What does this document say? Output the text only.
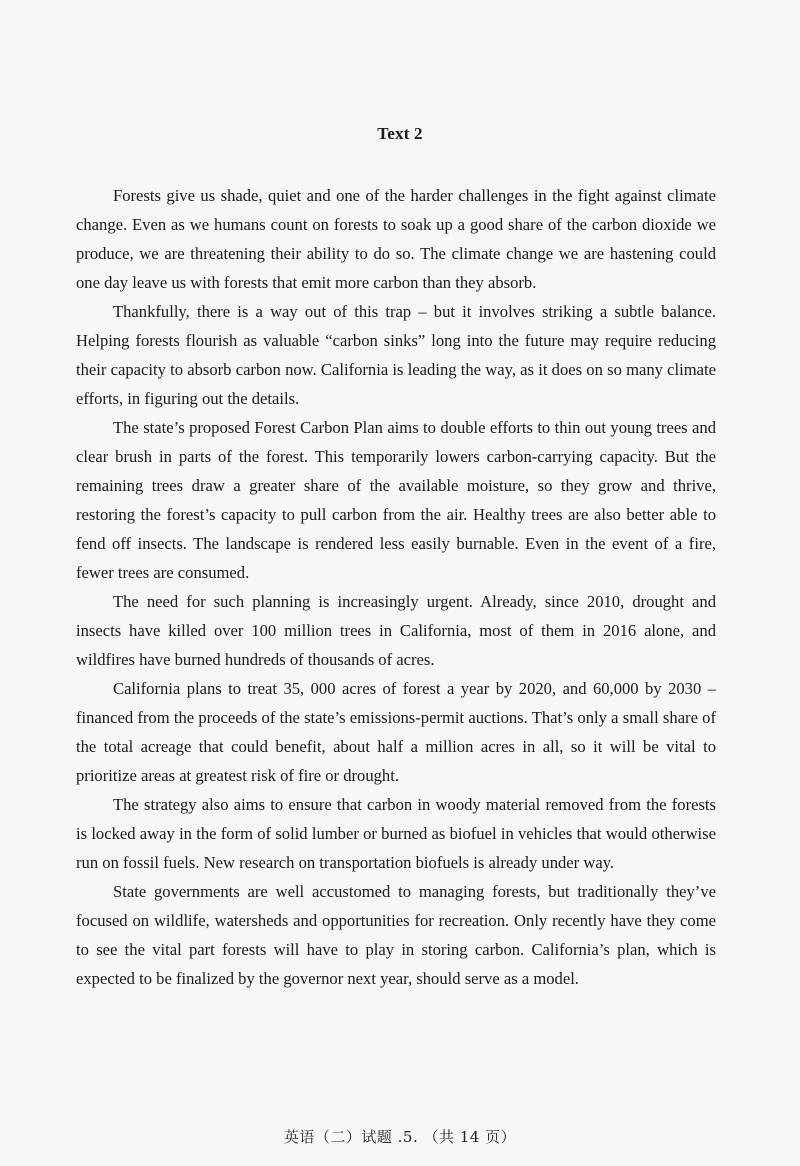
Text 2

Forests give us shade, quiet and one of the harder challenges in the fight against climate change. Even as we humans count on forests to soak up a good share of the carbon dioxide we produce, we are threatening their ability to do so. The climate change we are hastening could one day leave us with forests that emit more carbon than they absorb.

Thankfully, there is a way out of this trap – but it involves striking a subtle balance. Helping forests flourish as valuable “carbon sinks” long into the future may require reducing their capacity to absorb carbon now. California is leading the way, as it does on so many climate efforts, in figuring out the details.

The state’s proposed Forest Carbon Plan aims to double efforts to thin out young trees and clear brush in parts of the forest. This temporarily lowers carbon-carrying capacity. But the remaining trees draw a greater share of the available moisture, so they grow and thrive, restoring the forest’s capacity to pull carbon from the air. Healthy trees are also better able to fend off insects. The landscape is rendered less easily burnable. Even in the event of a fire, fewer trees are consumed.

The need for such planning is increasingly urgent. Already, since 2010, drought and insects have killed over 100 million trees in California, most of them in 2016 alone, and wildfires have burned hundreds of thousands of acres.

California plans to treat 35, 000 acres of forest a year by 2020, and 60,000 by 2030 – financed from the proceeds of the state’s emissions-permit auctions. That’s only a small share of the total acreage that could benefit, about half a million acres in all, so it will be vital to prioritize areas at greatest risk of fire or drought.

The strategy also aims to ensure that carbon in woody material removed from the forests is locked away in the form of solid lumber or burned as biofuel in vehicles that would otherwise run on fossil fuels. New research on transportation biofuels is already under way.

State governments are well accustomed to managing forests, but traditionally they’ve focused on wildlife, watersheds and opportunities for recreation. Only recently have they come to see the vital part forests will have to play in storing carbon. California’s plan, which is expected to be finalized by the governor next year, should serve as a model.

英语（二）试题 .5. （共 14 页）
